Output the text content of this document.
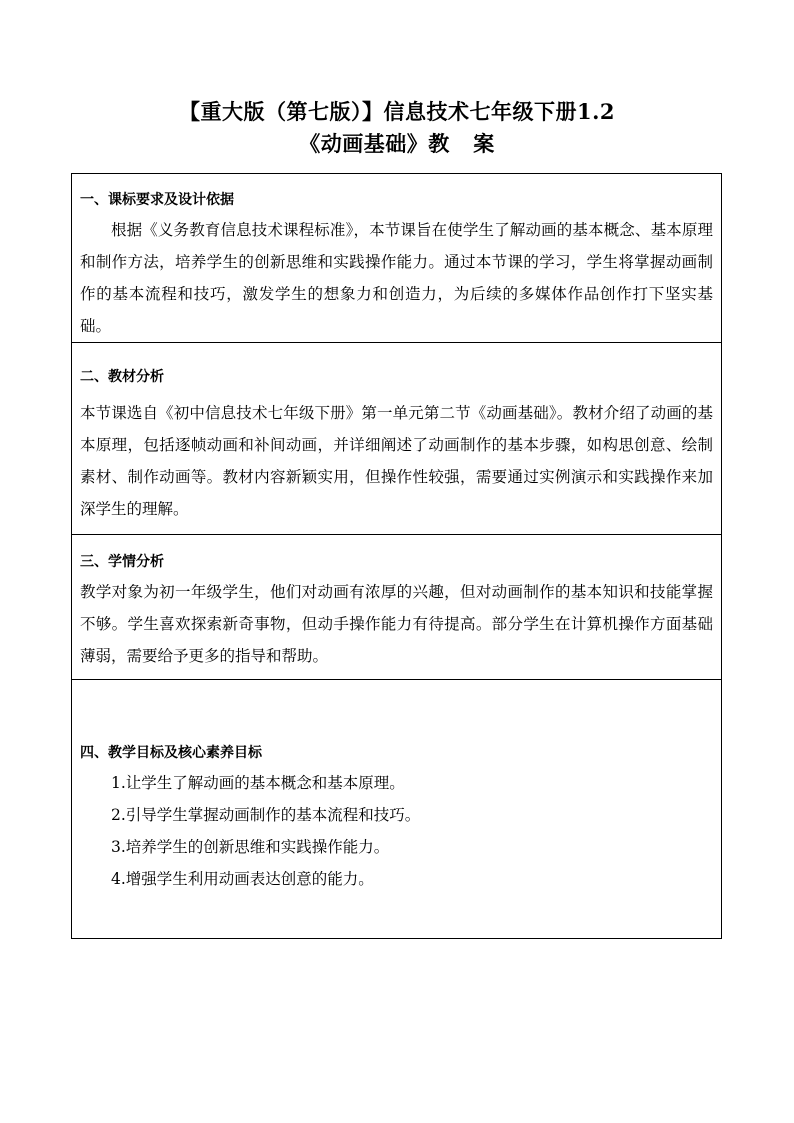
【重大版（第七版）】信息技术七年级下册1.2
《动画基础》教   案
一、课标要求及设计依据

根据《义务教育信息技术课程标准》，本节课旨在使学生了解动画的基本概念、基本原理和制作方法，培养学生的创新思维和实践操作能力。通过本节课的学习，学生将掌握动画制作的基本流程和技巧，激发学生的想象力和创造力，为后续的多媒体作品创作打下坚实基础。

二、教材分析

本节课选自《初中信息技术七年级下册》第一单元第二节《动画基础》。教材介绍了动画的基本原理，包括逐帧动画和补间动画，并详细阐述了动画制作的基本步骤，如构思创意、绘制素材、制作动画等。教材内容新颖实用，但操作性较强，需要通过实例演示和实践操作来加深学生的理解。

三、学情分析

教学对象为初一年级学生，他们对动画有浓厚的兴趣，但对动画制作的基本知识和技能掌握不够。学生喜欢探索新奇事物，但动手操作能力有待提高。部分学生在计算机操作方面基础薄弱，需要给予更多的指导和帮助。

四、教学目标及核心素养目标

1.让学生了解动画的基本概念和基本原理。

2.引导学生掌握动画制作的基本流程和技巧。

3.培养学生的创新思维和实践操作能力。

4.增强学生利用动画表达创意的能力。
